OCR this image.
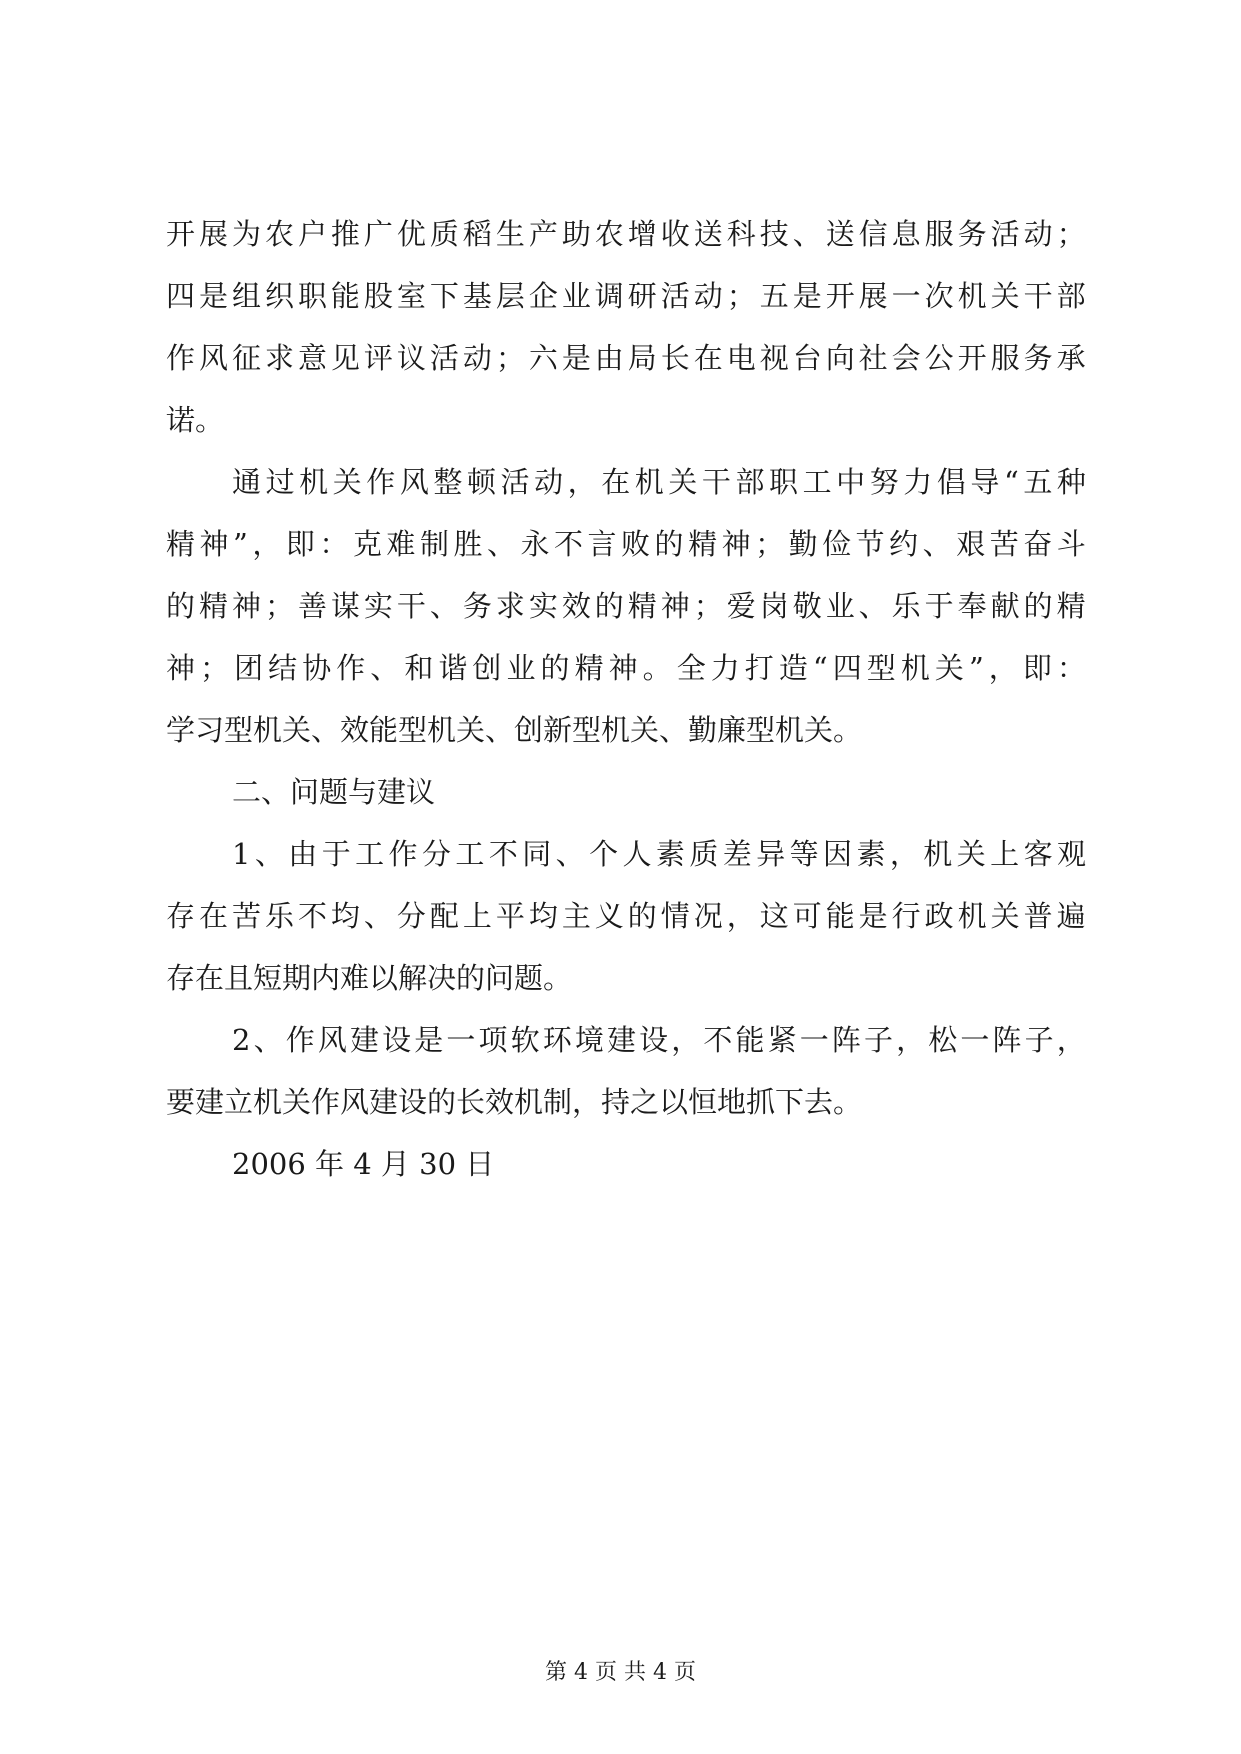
开 展 为 农 户 推 广 优 质 稻 生 产 助 农 增 收 送 科 技 、 送 信 息 服 务 活 动 ；
四 是 组 织 职 能 股 室 下 基 层 企 业 调 研 活 动 ； 五 是 开 展 一 次 机 关 干 部
作 风 征 求 意 见 评 议 活 动 ； 六 是 由 局 长 在 电 视 台 向 社 会 公 开 服 务 承
诺。
通 过 机 关 作 风 整 顿 活 动 ， 在 机 关 干 部 职 工 中 努 力 倡 导 “ 五 种
精 神 ” ， 即 ： 克 难 制 胜 、 永 不 言 败 的 精 神 ； 勤 俭 节 约 、 艰 苦 奋 斗
的 精 神 ； 善 谋 实 干 、 务 求 实 效 的 精 神 ； 爱 岗 敬 业 、 乐 于 奉 献 的 精
神 ； 团 结 协 作 、 和 谐 创 业 的 精 神 。 全 力 打 造 “ 四 型 机 关 ” ， 即 ：
学习型机关、效能型机关、创新型机关、勤廉型机关。
二、问题与建议
1 、 由 于 工 作 分 工 不 同 、 个 人 素 质 差 异 等 因 素 ， 机 关 上 客 观
存 在 苦 乐 不 均 、 分 配 上 平 均 主 义 的 情 况 ， 这 可 能 是 行 政 机 关 普 遍
存在且短期内难以解决的问题。
2 、 作 风 建 设 是 一 项 软 环 境 建 设 ， 不 能 紧 一 阵 子 ， 松 一 阵 子 ，
要建立机关作风建设的长效机制，持之以恒地抓下去。
2006 年 4 月 30 日
第 4 页 共 4 页
